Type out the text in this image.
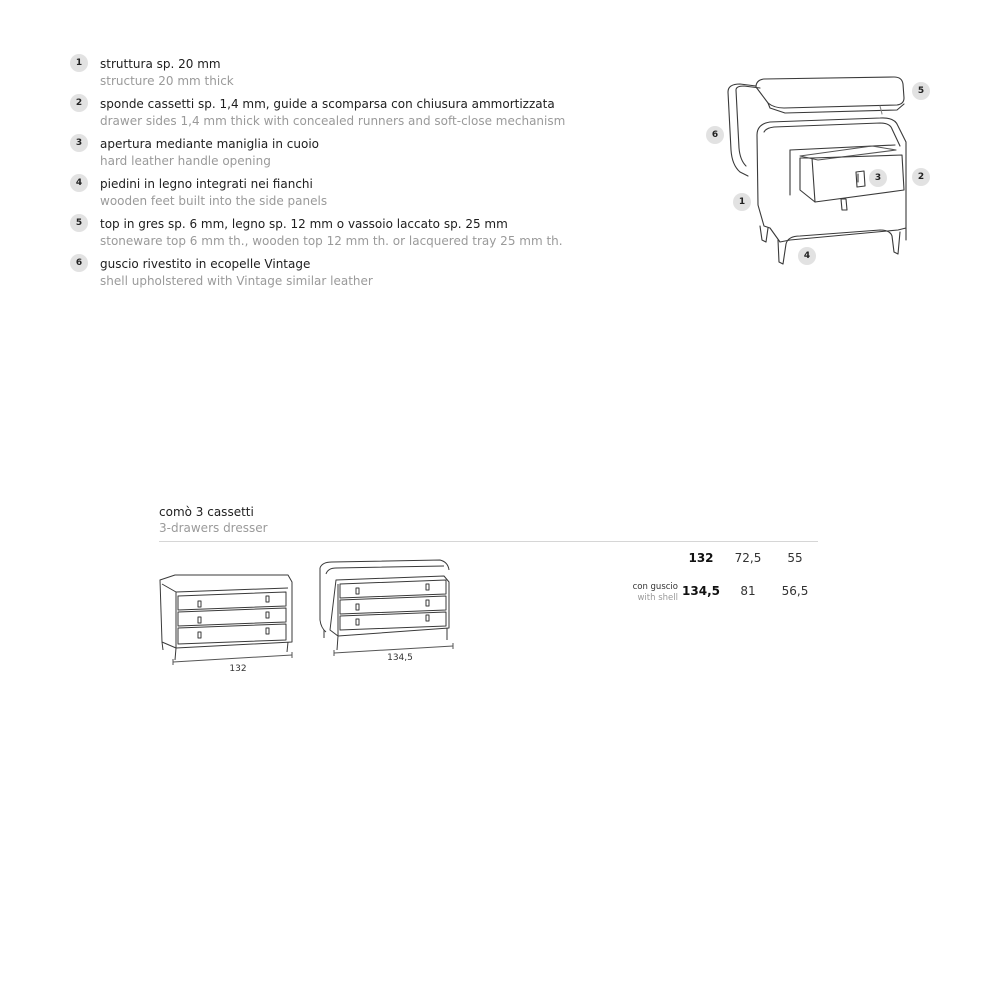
1	struttura sp. 20 mm
structure 20 mm thick
2	sponde cassetti sp. 1,4 mm, guide a scomparsa con chiusura ammortizzata
drawer sides 1,4 mm thick with concealed runners and soft-close mechanism
3	apertura mediante maniglia in cuoio
hard leather handle opening
4	piedini in legno integrati nei fianchi
wooden feet built into the side panels
5	top in gres sp. 6 mm, legno sp. 12 mm o vassoio laccato sp. 25 mm
stoneware top 6 mm th., wooden top 12 mm th. or lacquered tray 25 mm th.
6	guscio rivestito in ecopelle Vintage
shell upholstered with Vintage similar leather
5
6
3	2
1
4
comò 3 cassetti
3-drawers dresser
132
134,5
132	72,5	55
con guscio
with shell 134,5	81	56,5
